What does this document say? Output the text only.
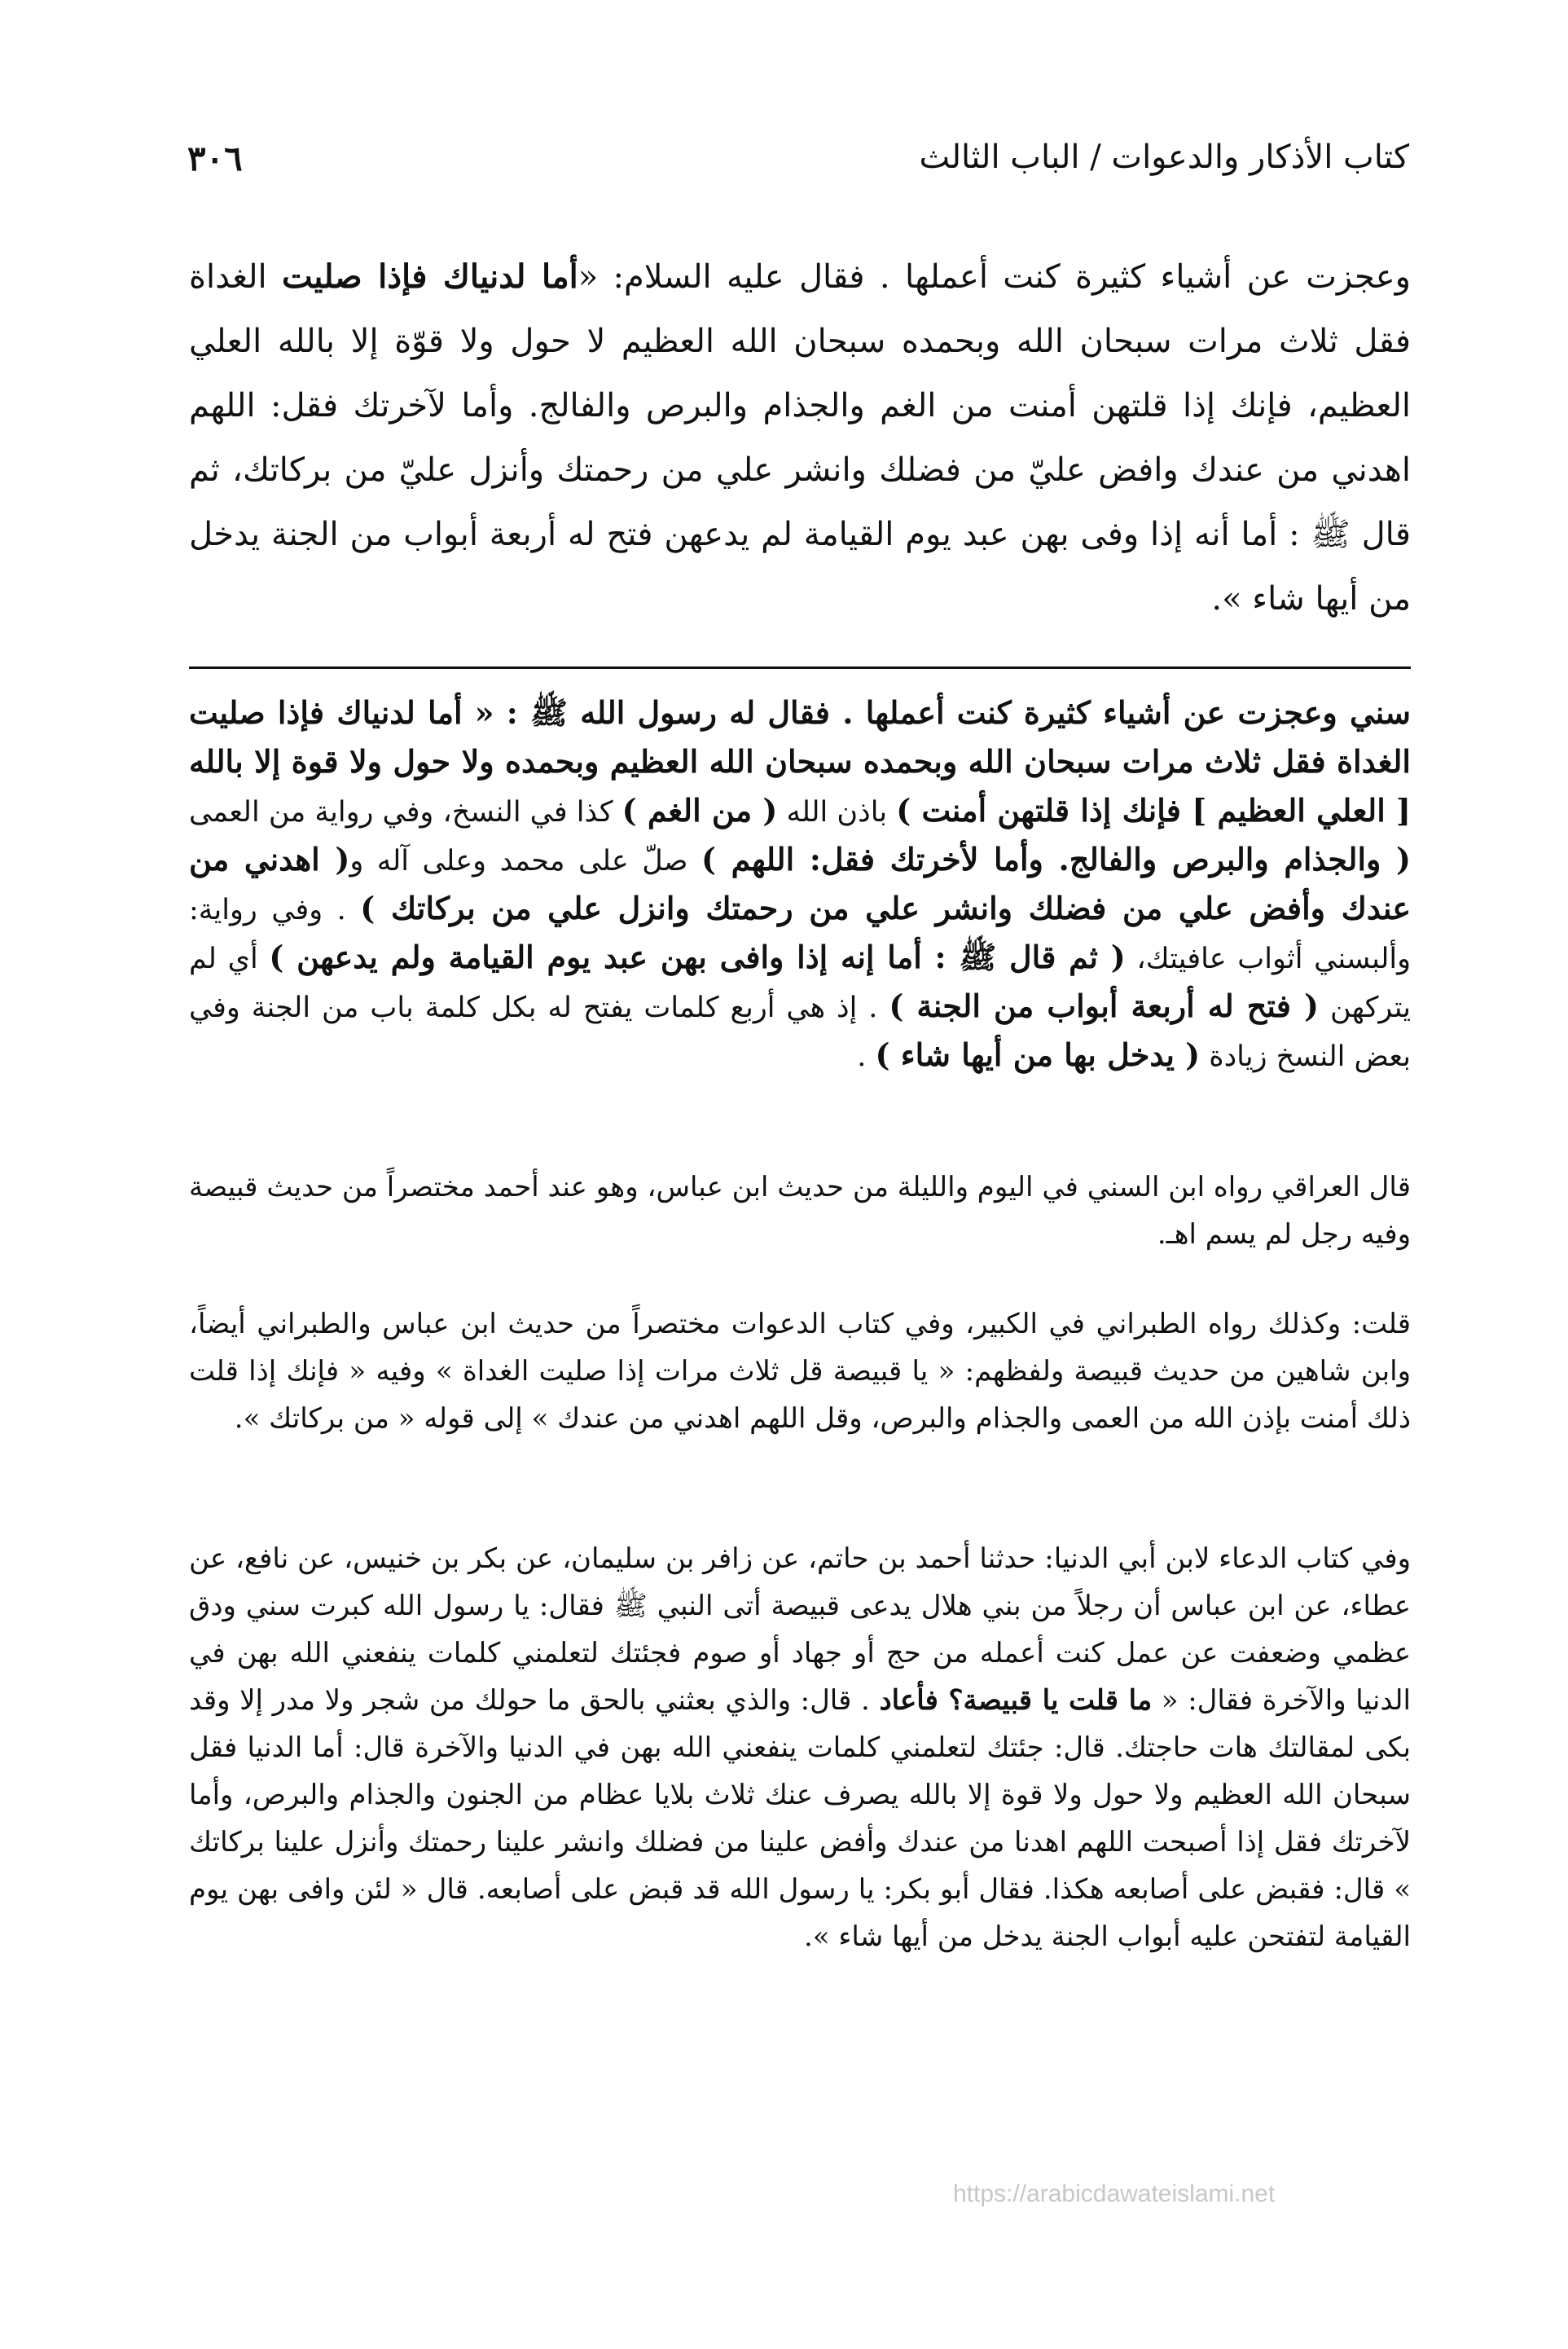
٣٠٦	كتاب الأذكار والدعوات / الباب الثالث

وعجزت عن أشياء كثيرة كنت أعملها . فقال عليه السلام: «أما لدنياك فإذا صليت الغداة فقل ثلاث مرات سبحان الله وبحمده سبحان الله العظيم لا حول ولا قوّة إلا بالله العلي العظيم، فإنك إذا قلتهن أمنت من الغم والجذام والبرص والفالج. وأما لآخرتك فقل: اللهم اهدني من عندك وافض عليّ من فضلك وانشر علي من رحمتك وأنزل عليّ من بركاتك، ثم قال ﷺ : أما أنه إذا وفى بهن عبد يوم القيامة لم يدعهن فتح له أربعة أبواب من الجنة يدخل من أيها شاء ».

سني وعجزت عن أشياء كثيرة كنت أعملها . فقال له رسول الله ﷺ : « أما لدنياك فإذا صليت الغداة فقل ثلاث مرات سبحان الله وبحمده سبحان الله العظيم وبحمده ولا حول ولا قوة إلا بالله [ العلي العظيم ] فإنك إذا قلتهن أمنت ) باذن الله ( من الغم ) كذا في النسخ، وفي رواية من العمى ( والجذام والبرص والفالج. وأما لأخرتك فقل: اللهم ) صلّ على محمد وعلى آله و( اهدني من عندك وأفض علي من فضلك وانشر علي من رحمتك وانزل علي من بركاتك ) . وفي رواية: وألبسني أثواب عافيتك، ( ثم قال ﷺ : أما إنه إذا وافى بهن عبد يوم القيامة ولم يدعهن ) أي لم يتركهن ( فتح له أربعة أبواب من الجنة ) . إذ هي أربع كلمات يفتح له بكل كلمة باب من الجنة وفي بعض النسخ زيادة ( يدخل بها من أيها شاء ) .

قال العراقي رواه ابن السني في اليوم والليلة من حديث ابن عباس، وهو عند أحمد مختصراً من حديث قبيصة وفيه رجل لم يسم اهـ.

قلت: وكذلك رواه الطبراني في الكبير، وفي كتاب الدعوات مختصراً من حديث ابن عباس والطبراني أيضاً، وابن شاهين من حديث قبيصة ولفظهم: « يا قبيصة قل ثلاث مرات إذا صليت الغداة » وفيه « فإنك إذا قلت ذلك أمنت بإذن الله من العمى والجذام والبرص، وقل اللهم اهدني من عندك » إلى قوله « من بركاتك ».

وفي كتاب الدعاء لابن أبي الدنيا: حدثنا أحمد بن حاتم، عن زافر بن سليمان، عن بكر بن خنيس، عن نافع، عن عطاء، عن ابن عباس أن رجلاً من بني هلال يدعى قبيصة أتى النبي ﷺ فقال: يا رسول الله كبرت سني ودق عظمي وضعفت عن عمل كنت أعمله من حج أو جهاد أو صوم فجئتك لتعلمني كلمات ينفعني الله بهن في الدنيا والآخرة فقال: « ما قلت يا قبيصة؟ فأعاد . قال: والذي بعثني بالحق ما حولك من شجر ولا مدر إلا وقد بكى لمقالتك هات حاجتك. قال: جئتك لتعلمني كلمات ينفعني الله بهن في الدنيا والآخرة قال: أما الدنيا فقل سبحان الله العظيم ولا حول ولا قوة إلا بالله يصرف عنك ثلاث بلايا عظام من الجنون والجذام والبرص، وأما لآخرتك فقل إذا أصبحت اللهم اهدنا من عندك وأفض علينا من فضلك وانشر علينا رحمتك وأنزل علينا بركاتك » قال: فقبض على أصابعه هكذا. فقال أبو بكر: يا رسول الله قد قبض على أصابعه. قال « لئن وافى بهن يوم القيامة لتفتحن عليه أبواب الجنة يدخل من أيها شاء ».

https://arabicdawateislami.net
